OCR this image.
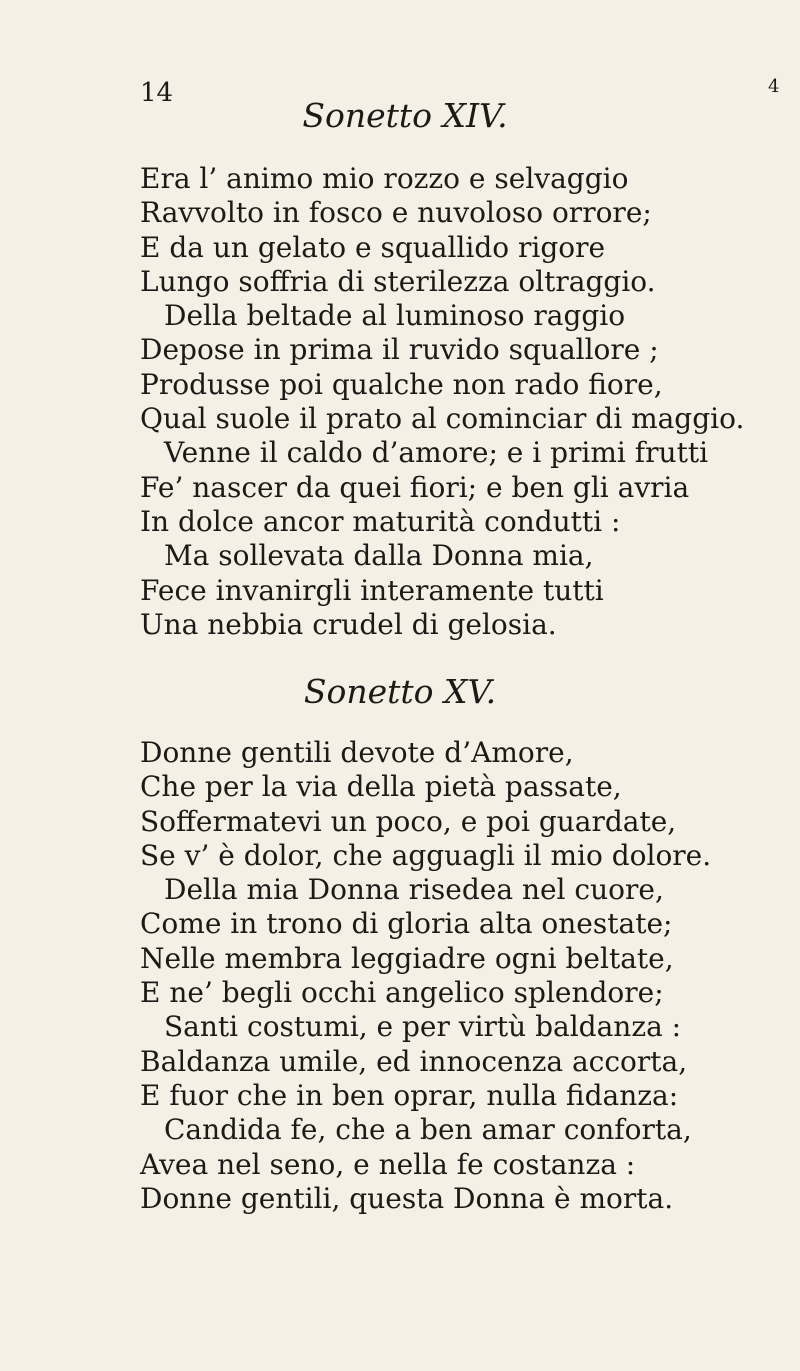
14	4
Sonetto XIV.
Era l’ animo mio rozzo e selvaggio
Ravvolto in fosco e nuvoloso orrore;
E da un gelato e squallido rigore
Lungo soffria di sterilezza oltraggio.
Della beltade al luminoso raggio
Depose in prima il ruvido squallore ;
Produsse poi qualche non rado fiore,
Qual suole il prato al cominciar di maggio.
Venne il caldo d’amore; e i primi frutti
Fe’ nascer da quei fiori; e ben gli avria
In dolce ancor maturità condutti :
Ma sollevata dalla Donna mia,
Fece invanirgli interamente tutti
Una nebbia crudel di gelosia.
Sonetto XV.
Donne gentili devote d’Amore,
Che per la via della pietà passate,
Soffermatevi un poco, e poi guardate,
Se v’ è dolor, che agguagli il mio dolore.
Della mia Donna risedea nel cuore,
Come in trono di gloria alta onestate;
Nelle membra leggiadre ogni beltate,
E ne’ begli occhi angelico splendore;
Santi costumi, e per virtù baldanza :
Baldanza umile, ed innocenza accorta,
E fuor che in ben oprar, nulla fidanza:
Candida fe, che a ben amar conforta,
Avea nel seno, e nella fe costanza :
Donne gentili, questa Donna è morta.
